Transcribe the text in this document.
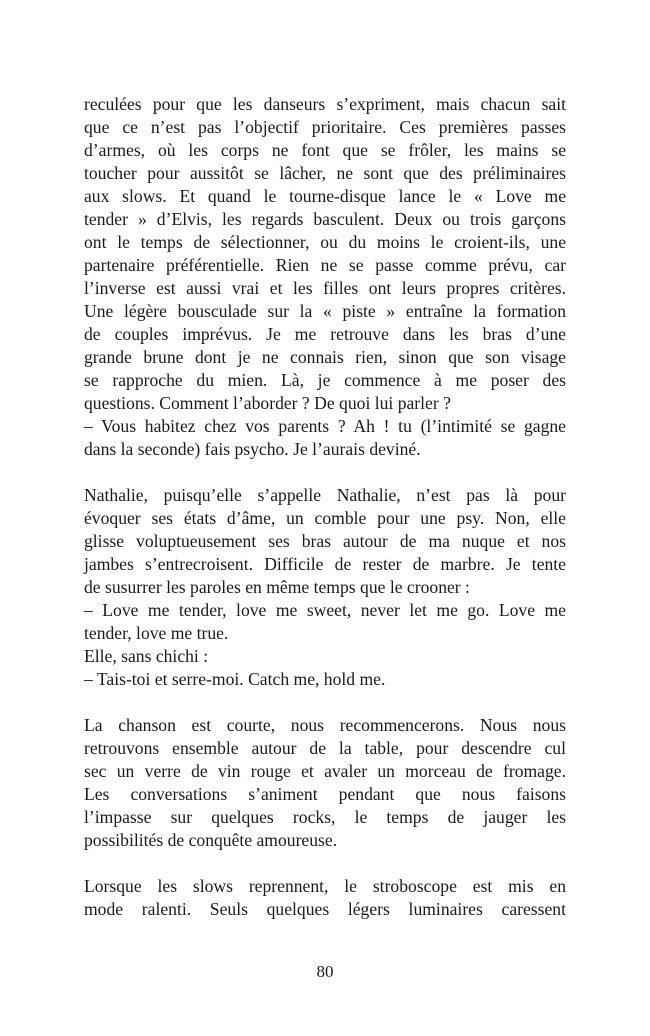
reculées pour que les danseurs s’expriment, mais chacun sait
que ce n’est pas l’objectif prioritaire. Ces premières passes
d’armes, où les corps ne font que se frôler, les mains se
toucher pour aussitôt se lâcher, ne sont que des préliminaires
aux slows. Et quand le tourne-disque lance le « Love me
tender » d’Elvis, les regards basculent. Deux ou trois garçons
ont le temps de sélectionner, ou du moins le croient-ils, une
partenaire préférentielle. Rien ne se passe comme prévu, car
l’inverse est aussi vrai et les filles ont leurs propres critères.
Une légère bousculade sur la « piste » entraîne la formation
de couples imprévus. Je me retrouve dans les bras d’une
grande brune dont je ne connais rien, sinon que son visage
se rapproche du mien. Là, je commence à me poser des
questions. Comment l’aborder ? De quoi lui parler ?
– Vous habitez chez vos parents ? Ah ! tu (l’intimité se gagne
dans la seconde) fais psycho. Je l’aurais deviné.

Nathalie, puisqu’elle s’appelle Nathalie, n’est pas là pour
évoquer ses états d’âme, un comble pour une psy. Non, elle
glisse voluptueusement ses bras autour de ma nuque et nos
jambes s’entrecroisent. Difficile de rester de marbre. Je tente
de susurrer les paroles en même temps que le crooner :
– Love me tender, love me sweet, never let me go. Love me
tender, love me true.
Elle, sans chichi :
– Tais-toi et serre-moi. Catch me, hold me.

La chanson est courte, nous recommencerons. Nous nous
retrouvons ensemble autour de la table, pour descendre cul
sec un verre de vin rouge et avaler un morceau de fromage.
Les conversations s’animent pendant que nous faisons
l’impasse sur quelques rocks, le temps de jauger les
possibilités de conquête amoureuse.

Lorsque les slows reprennent, le stroboscope est mis en
mode ralenti. Seuls quelques légers luminaires caressent

80
